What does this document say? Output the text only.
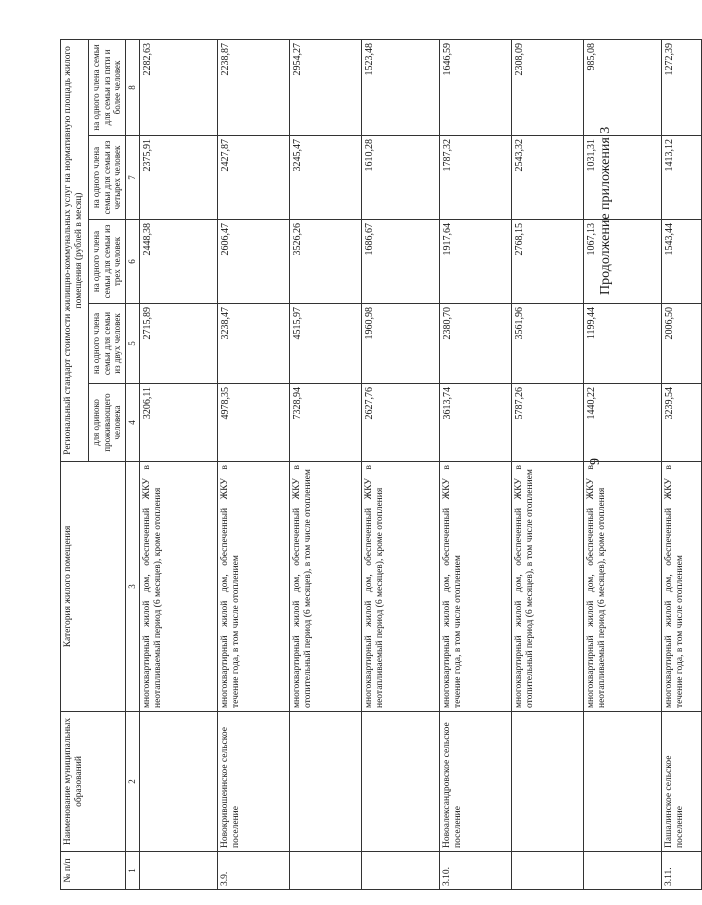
9
Продолжение приложения 3
№ п/п	Наименование муниципальных образований	Категория жилого помещения	Региональный стандарт стоимости жилищно-коммунальных услуг на нормативную площадь жилого помещения (рублей в месяц)				
			для одиноко проживающего человека	на одного члена семьи для семьи из двух человек	на одного члена семьи для семьи из трех человек	на одного члена семьи для семьи из четырех человек	на одного члена семьи для семьи из пяти и более человек
1	2	3	4	5	6	7	8
		многоквартирный жилой дом, обеспеченный ЖКУ в неотапливаемый период (6 месяцев), кроме отопления	3206,11	2715,89	2448,38	2375,91	2282,63
3.9.	Новокривошеинское сельское поселение	многоквартирный жилой дом, обеспеченный ЖКУ в течение года, в том числе отоплением	4978,35	3238,47	2606,47	2427,87	2238,87
		многоквартирный жилой дом, обеспеченный ЖКУ в отопительный период (6 месяцев), в том числе отоплением	7328,94	4515,97	3526,26	3245,47	2954,27
		многоквартирный жилой дом, обеспеченный ЖКУ в неотапливаемый период (6 месяцев), кроме отопления	2627,76	1960,98	1686,67	1610,28	1523,48
3.10.	Новоалександровское сельское поселение	многоквартирный жилой дом, обеспеченный ЖКУ в течение года, в том числе отоплением	3613,74	2380,70	1917,64	1787,32	1646,59
		многоквартирный жилой дом, обеспеченный ЖКУ в отопительный период (6 месяцев), в том числе отоплением	5787,26	3561,96	2768,15	2543,32	2308,09
		многоквартирный жилой дом, обеспеченный ЖКУ в неотапливаемый период (6 месяцев), кроме отопления	1440,22	1199,44	1067,13	1031,31	985,08
3.11.	Пашалинское сельское поселение	многоквартирный жилой дом, обеспеченный ЖКУ в течение года, в том числе отоплением	3239,54	2006,50	1543,44	1413,12	1272,39
